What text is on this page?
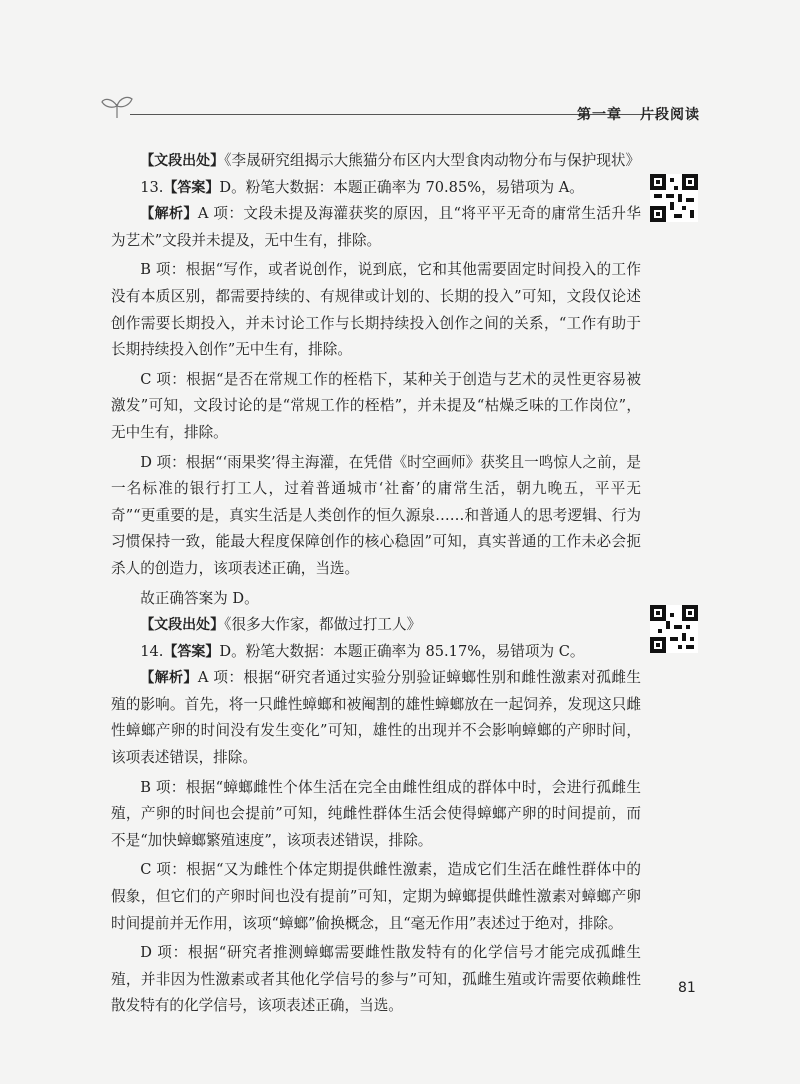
第一章 片段阅读

【文段出处】《李晟研究组揭示大熊猫分布区内大型食肉动物分布与保护现状》

13.【答案】D。粉笔大数据：本题正确率为 70.85%，易错项为 A。

【解析】A 项：文段未提及海灌获奖的原因，且“将平平无奇的庸常生活升华为艺术”文段并未提及，无中生有，排除。

B 项：根据“写作，或者说创作，说到底，它和其他需要固定时间投入的工作没有本质区别，都需要持续的、有规律或计划的、长期的投入”可知，文段仅论述创作需要长期投入，并未讨论工作与长期持续投入创作之间的关系，“工作有助于长期持续投入创作”无中生有，排除。

C 项：根据“是否在常规工作的桎梏下，某种关于创造与艺术的灵性更容易被激发”可知，文段讨论的是“常规工作的桎梏”，并未提及“枯燥乏味的工作岗位”，无中生有，排除。

D 项：根据“‘雨果奖’得主海灌，在凭借《时空画师》获奖且一鸣惊人之前，是一名标准的银行打工人，过着普通城市‘社畜’的庸常生活，朝九晚五，平平无奇”“更重要的是，真实生活是人类创作的恒久源泉……和普通人的思考逻辑、行为习惯保持一致，能最大程度保障创作的核心稳固”可知，真实普通的工作未必会扼杀人的创造力，该项表述正确，当选。

故正确答案为 D。

【文段出处】《很多大作家，都做过打工人》

14.【答案】D。粉笔大数据：本题正确率为 85.17%，易错项为 C。

【解析】A 项：根据“研究者通过实验分别验证蟑螂性别和雌性激素对孤雌生殖的影响。首先，将一只雌性蟑螂和被阉割的雄性蟑螂放在一起饲养，发现这只雌性蟑螂产卵的时间没有发生变化”可知，雄性的出现并不会影响蟑螂的产卵时间，该项表述错误，排除。

B 项：根据“蟑螂雌性个体生活在完全由雌性组成的群体中时，会进行孤雌生殖，产卵的时间也会提前”可知，纯雌性群体生活会使得蟑螂产卵的时间提前，而不是“加快蟑螂繁殖速度”，该项表述错误，排除。

C 项：根据“又为雌性个体定期提供雌性激素，造成它们生活在雌性群体中的假象，但它们的产卵时间也没有提前”可知，定期为蟑螂提供雌性激素对蟑螂产卵时间提前并无作用，该项“蟑螂”偷换概念，且“毫无作用”表述过于绝对，排除。

D 项：根据“研究者推测蟑螂需要雌性散发特有的化学信号才能完成孤雌生殖，并非因为性激素或者其他化学信号的参与”可知，孤雌生殖或许需要依赖雌性散发特有的化学信号，该项表述正确，当选。

81
